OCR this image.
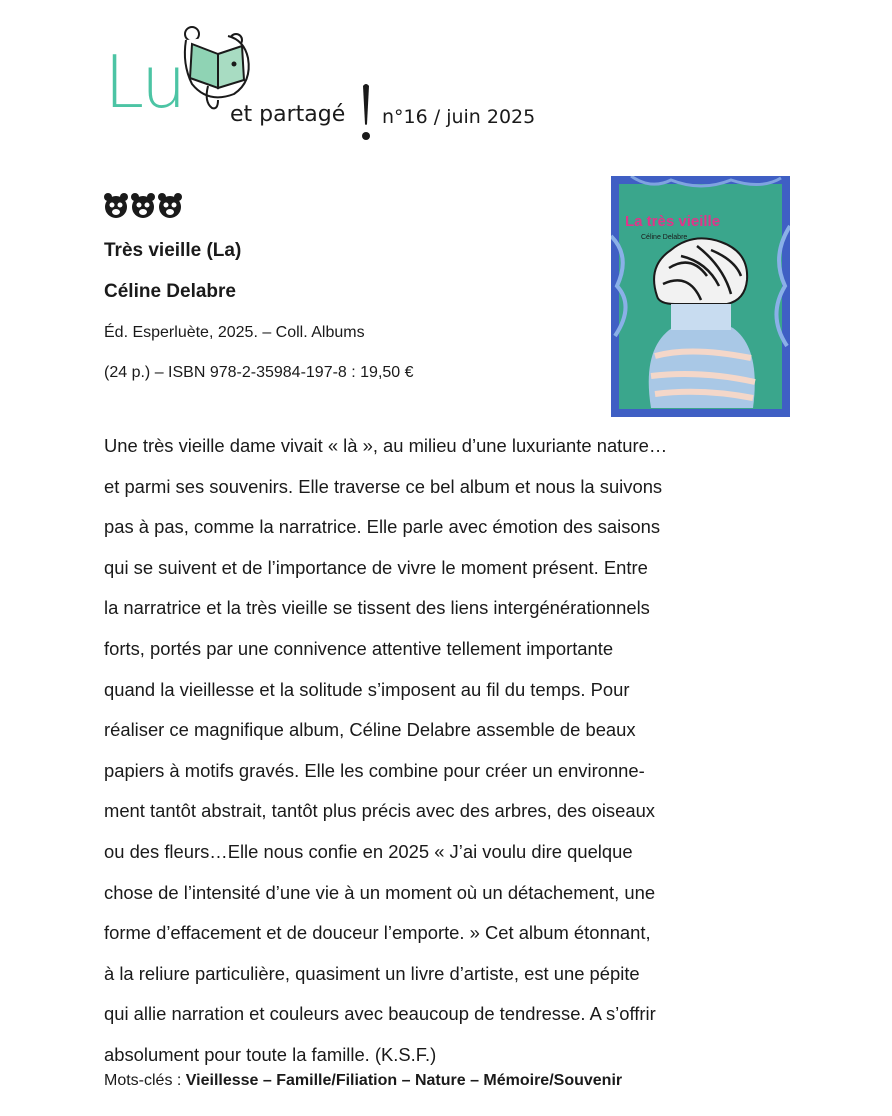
Lu et partagé n°16 / juin 2025
Très vieille (La)
Céline Delabre
Éd. Esperluète, 2025. – Coll. Albums
(24 p.) – ISBN 978-2-35984-197-8 : 19,50 €
La très vieille
Céline Delabre
Une très vieille dame vivait « là », au milieu d’une luxuriante nature…
et parmi ses souvenirs. Elle traverse ce bel album et nous la suivons
pas à pas, comme la narratrice. Elle parle avec émotion des saisons
qui se suivent et de l’importance de vivre le moment présent. Entre
la narratrice et la très vieille se tissent des liens intergénérationnels
forts, portés par une connivence attentive tellement importante
quand la vieillesse et la solitude s’imposent au fil du temps. Pour
réaliser ce magnifique album, Céline Delabre assemble de beaux
papiers à motifs gravés. Elle les combine pour créer un environne-
ment tantôt abstrait, tantôt plus précis avec des arbres, des oiseaux
ou des fleurs…Elle nous confie en 2025 « J’ai voulu dire quelque
chose de l’intensité d’une vie à un moment où un détachement, une
forme d’effacement et de douceur l’emporte. » Cet album étonnant,
à la reliure particulière, quasiment un livre d’artiste, est une pépite
qui allie narration et couleurs avec beaucoup de tendresse. A s’offrir
absolument pour toute la famille. (K.S.F.)
Mots-clés : Vieillesse – Famille/Filiation – Nature – Mémoire/Souvenir
